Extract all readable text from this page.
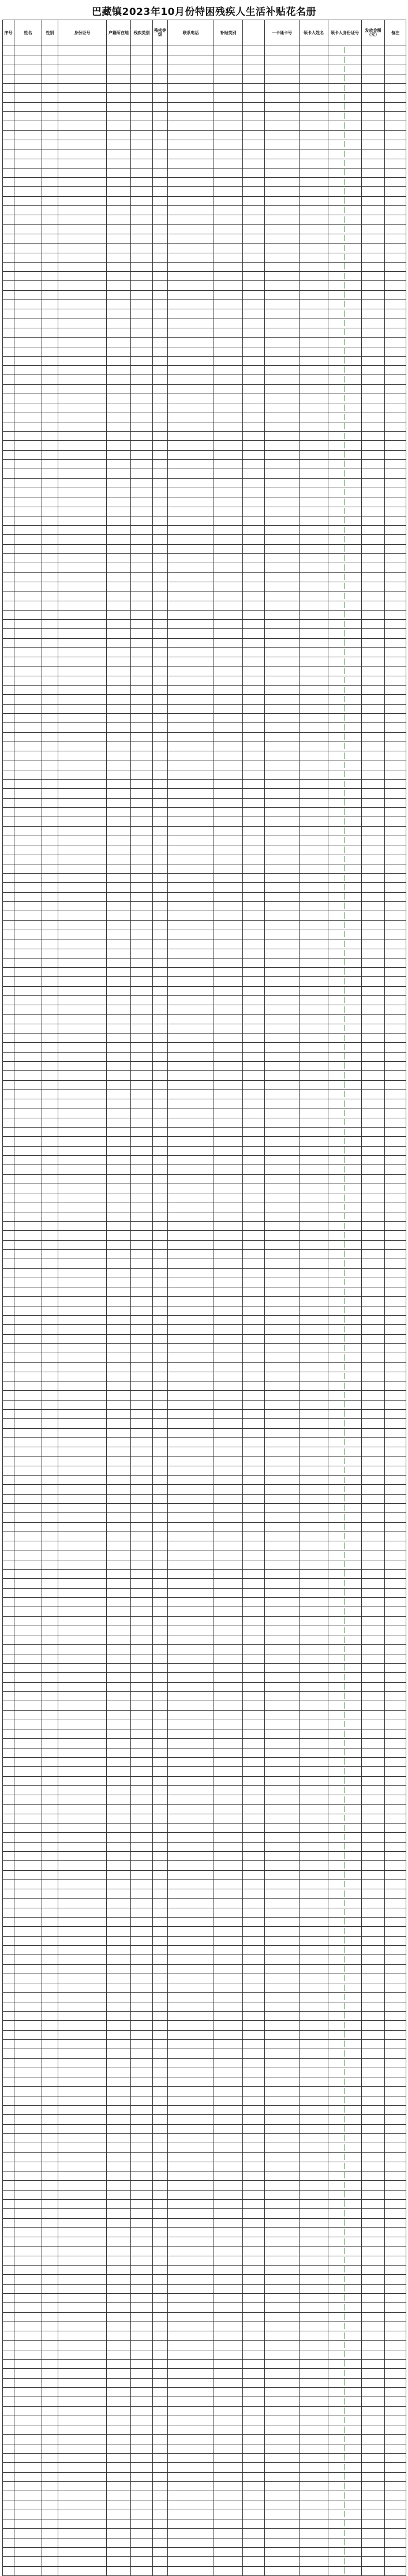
巴藏镇2023年10月份特困残疾人生活补贴花名册
序号	姓名	性别	身份证号	户籍所在地	残疾类别	残疾等级	联系电话	补贴类别		一卡通卡号	领卡人姓名	领卡人身份证号	发放金额（元）	备注
